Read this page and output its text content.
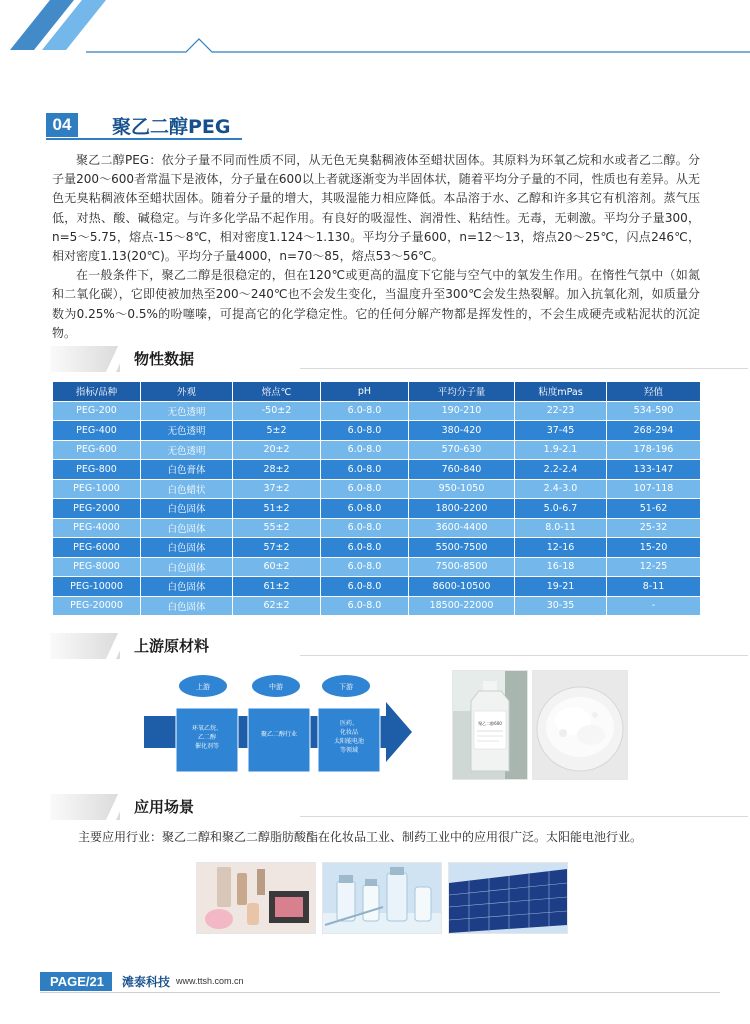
04	聚乙二醇PEG

聚乙二醇PEG：依分子量不同而性质不同，从无色无臭黏稠液体至蜡状固体。其原料为环氧乙烷和水或者乙二醇。分子量200～600者常温下是液体，分子量在600以上者就逐渐变为半固体状，随着平均分子量的不同，性质也有差异。从无色无臭粘稠液体至蜡状固体。随着分子量的增大，其吸湿能力相应降低。本品溶于水、乙醇和许多其它有机溶剂。蒸气压低，对热、酸、碱稳定。与许多化学品不起作用。有良好的吸湿性、润滑性、粘结性。无毒，无刺激。平均分子量300，n=5～5.75，熔点-15～8℃，相对密度1.124～1.130。平均分子量600，n=12～13，熔点20～25℃，闪点246℃，相对密度1.13(20℃)。平均分子量4000，n=70～85，熔点53～56℃。

在一般条件下，聚乙二醇是很稳定的，但在120℃或更高的温度下它能与空气中的氧发生作用。在惰性气氛中（如氮和二氧化碳），它即使被加热至200～240℃也不会发生变化，当温度升至300℃会发生热裂解。加入抗氧化剂，如质量分数为0.25%～0.5%的吩噻嗪，可提高它的化学稳定性。它的任何分解产物都是挥发性的，不会生成硬壳或粘泥状的沉淀物。

物性数据
指标/品种	外观	熔点℃	pH	平均分子量	粘度mPas	羟值
PEG-200	无色透明	-50±2	6.0-8.0	190-210	22-23	534-590
PEG-400	无色透明	5±2	6.0-8.0	380-420	37-45	268-294
PEG-600	无色透明	20±2	6.0-8.0	570-630	1.9-2.1	178-196
PEG-800	白色膏体	28±2	6.0-8.0	760-840	2.2-2.4	133-147
PEG-1000	白色蜡状	37±2	6.0-8.0	950-1050	2.4-3.0	107-118
PEG-2000	白色固体	51±2	6.0-8.0	1800-2200	5.0-6.7	51-62
PEG-4000	白色固体	55±2	6.0-8.0	3600-4400	8.0-11	25-32
PEG-6000	白色固体	57±2	6.0-8.0	5500-7500	12-16	15-20
PEG-8000	白色固体	60±2	6.0-8.0	7500-8500	16-18	12-25
PEG-10000	白色固体	61±2	6.0-8.0	8600-10500	19-21	8-11
PEG-20000	白色固体	62±2	6.0-8.0	18500-22000	30-35	-
上游原材料
上游	中游	下游
环氧乙烷、
乙二醇
催化剂等
聚乙二醇行业
医药、
化妆品
太阳能电池
等领域
聚乙二醇600
应用场景
主要应用行业：聚乙二醇和聚乙二醇脂肪酸酯在化妆品工业、制药工业中的应用很广泛。太阳能电池行业。
PAGE/21	滩泰科技 www.ttsh.com.cn
